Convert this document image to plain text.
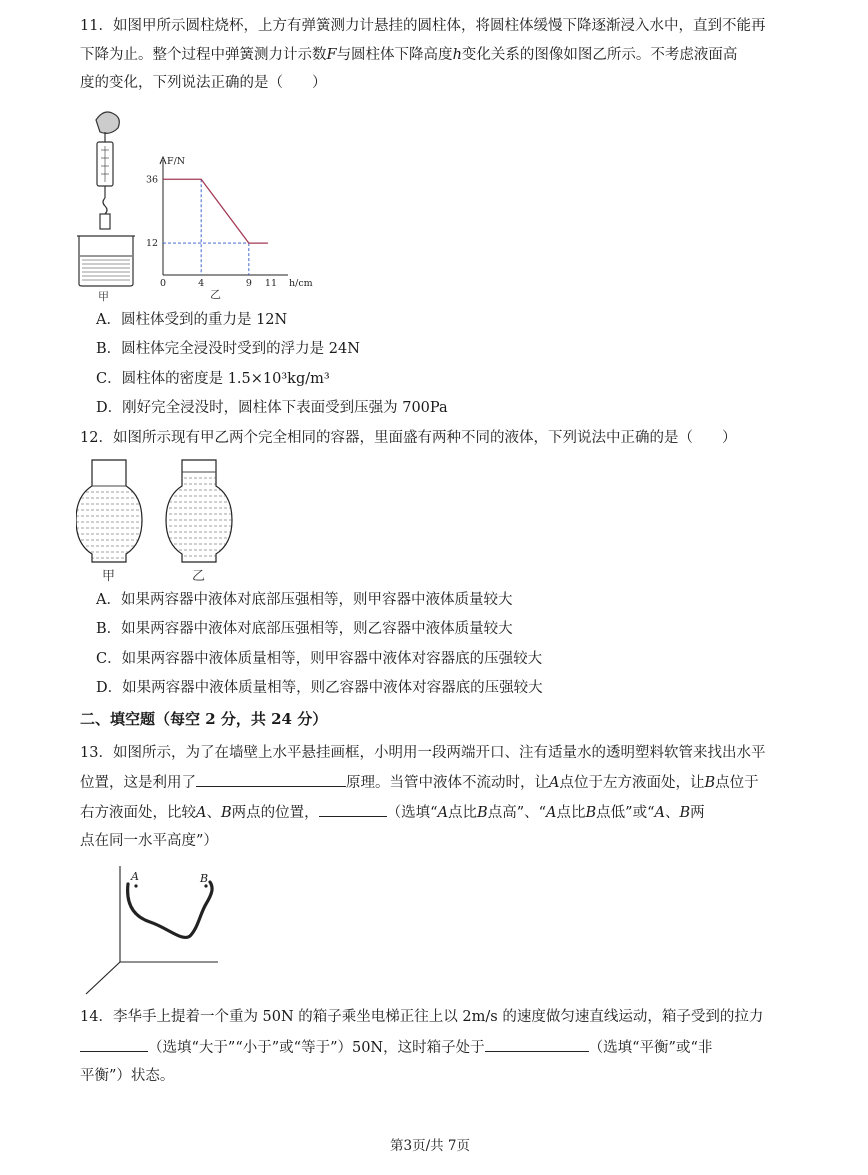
11．如图甲所示圆柱烧杯，上方有弹簧测力计悬挂的圆柱体，将圆柱体缓慢下降逐渐浸入水中，直到不能再
下降为止。整个过程中弹簧测力计示数F与圆柱体下降高度h变化关系的图像如图乙所示。不考虑液面高
度的变化，下列说法正确的是（　　）
甲
0	4	9 11
36
12
F/N
h/cm
乙
A．圆柱体受到的重力是 12N
B．圆柱体完全浸没时受到的浮力是 24N
C．圆柱体的密度是 1.5×10³kg/m³
D．刚好完全浸没时，圆柱体下表面受到压强为 700Pa
12．如图所示现有甲乙两个完全相同的容器，里面盛有两种不同的液体，下列说法中正确的是（　　）
甲	乙
A．如果两容器中液体对底部压强相等，则甲容器中液体质量较大
B．如果两容器中液体对底部压强相等，则乙容器中液体质量较大
C．如果两容器中液体质量相等，则甲容器中液体对容器底的压强较大
D．如果两容器中液体质量相等，则乙容器中液体对容器底的压强较大
二、填空题（每空 2 分，共 24 分）
13．如图所示，为了在墙壁上水平悬挂画框，小明用一段两端开口、注有适量水的透明塑料软管来找出水平
位置，这是利用了	原理。当管中液体不流动时，让A点位于左方液面处，让B点位于
右方液面处，比较A、B两点的位置，	（选填“A点比B点高”、“A点比B点低”或“A、B两
点在同一水平高度”）
A	B
14．李华手上提着一个重为 50N 的箱子乘坐电梯正往上以 2m/s 的速度做匀速直线运动，箱子受到的拉力
（选填“大于”“小于”或“等于”）50N，这时箱子处于	（选填“平衡”或“非
平衡”）状态。
第3页/共 7页
